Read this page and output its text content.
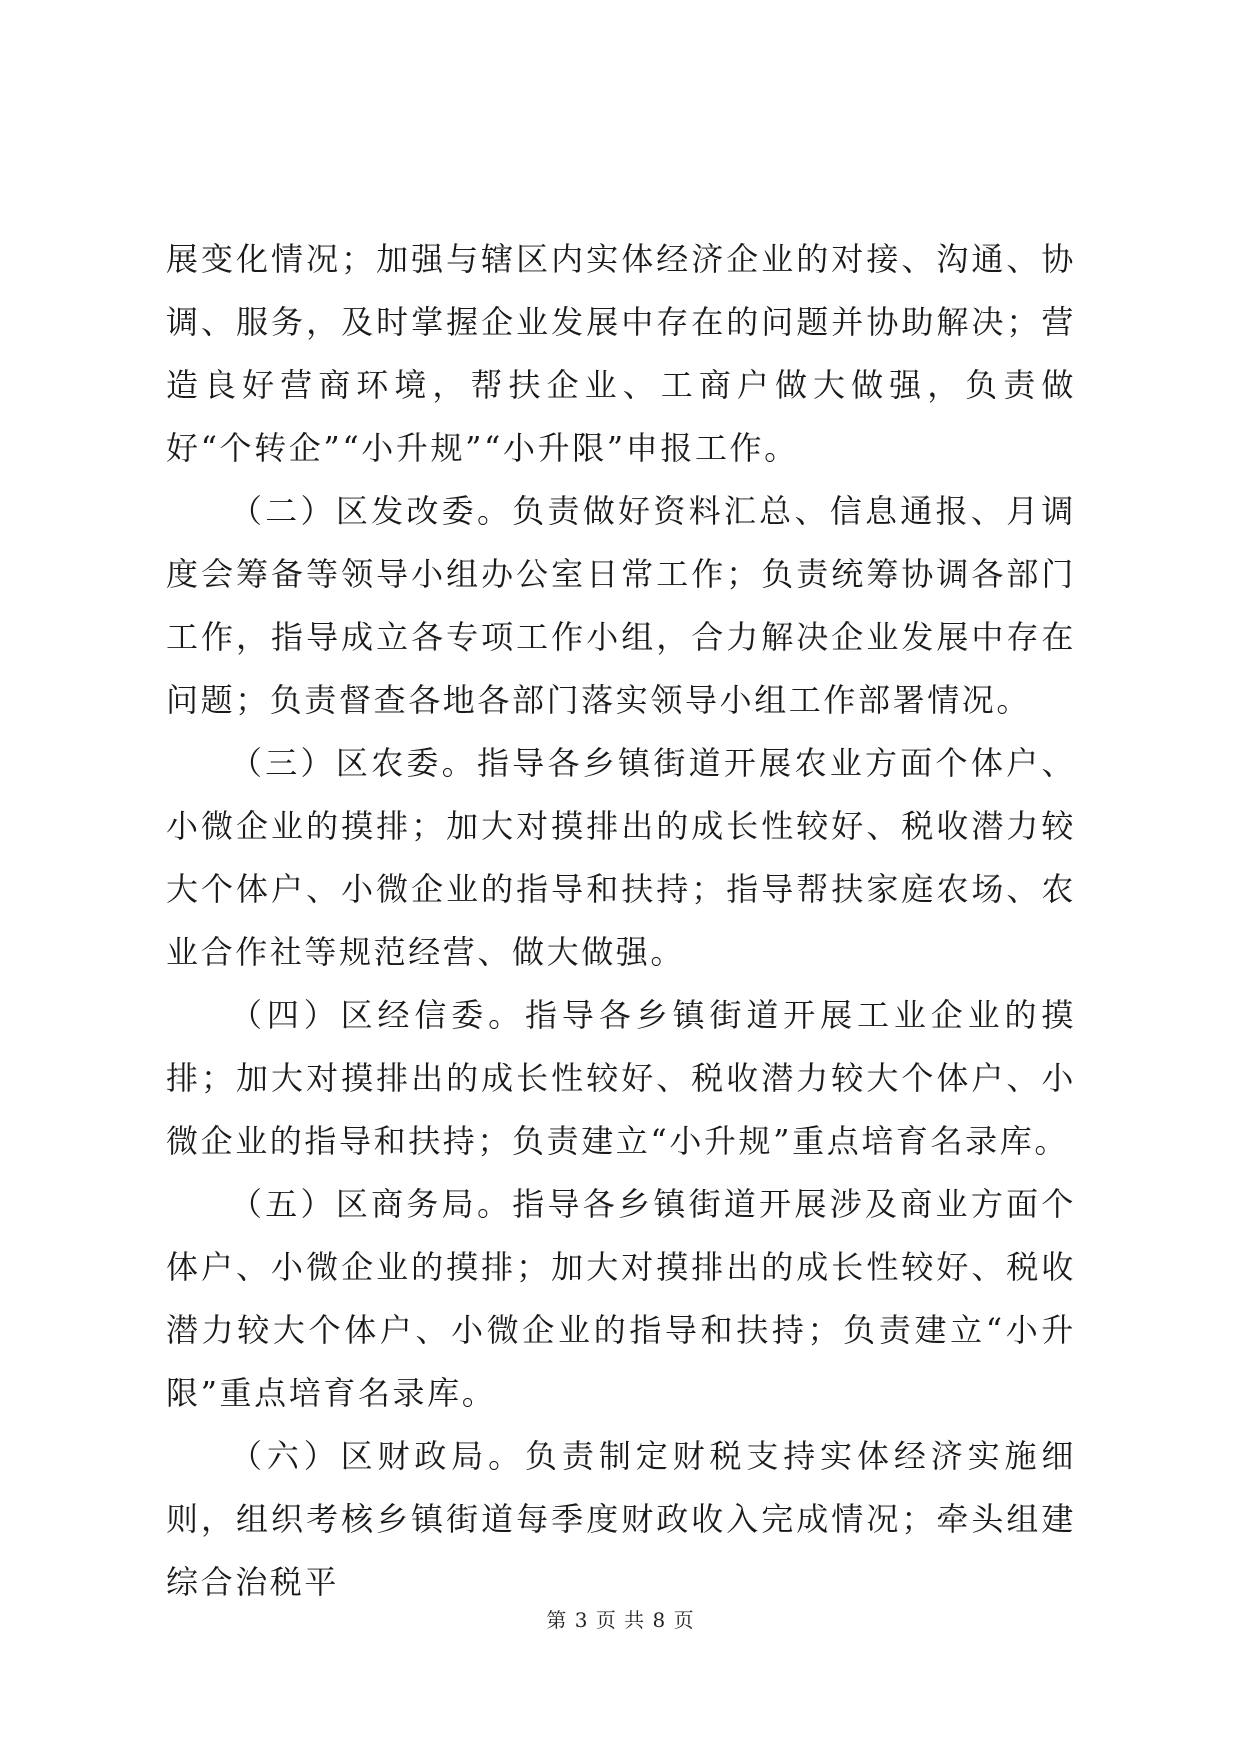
展变化情况；加强与辖区内实体经济企业的对接、沟通、协调、服务，及时掌握企业发展中存在的问题并协助解决；营造良好营商环境，帮扶企业、工商户做大做强，负责做好“个转企”“小升规”“小升限”申报工作。

（二）区发改委。负责做好资料汇总、信息通报、月调度会筹备等领导小组办公室日常工作；负责统筹协调各部门工作，指导成立各专项工作小组，合力解决企业发展中存在问题；负责督查各地各部门落实领导小组工作部署情况。

（三）区农委。指导各乡镇街道开展农业方面个体户、小微企业的摸排；加大对摸排出的成长性较好、税收潜力较大个体户、小微企业的指导和扶持；指导帮扶家庭农场、农业合作社等规范经营、做大做强。

（四）区经信委。指导各乡镇街道开展工业企业的摸排；加大对摸排出的成长性较好、税收潜力较大个体户、小微企业的指导和扶持；负责建立“小升规”重点培育名录库。

（五）区商务局。指导各乡镇街道开展涉及商业方面个体户、小微企业的摸排；加大对摸排出的成长性较好、税收潜力较大个体户、小微企业的指导和扶持；负责建立“小升限”重点培育名录库。

（六）区财政局。负责制定财税支持实体经济实施细则，组织考核乡镇街道每季度财政收入完成情况；牵头组建综合治税平

第 3 页 共 8 页
